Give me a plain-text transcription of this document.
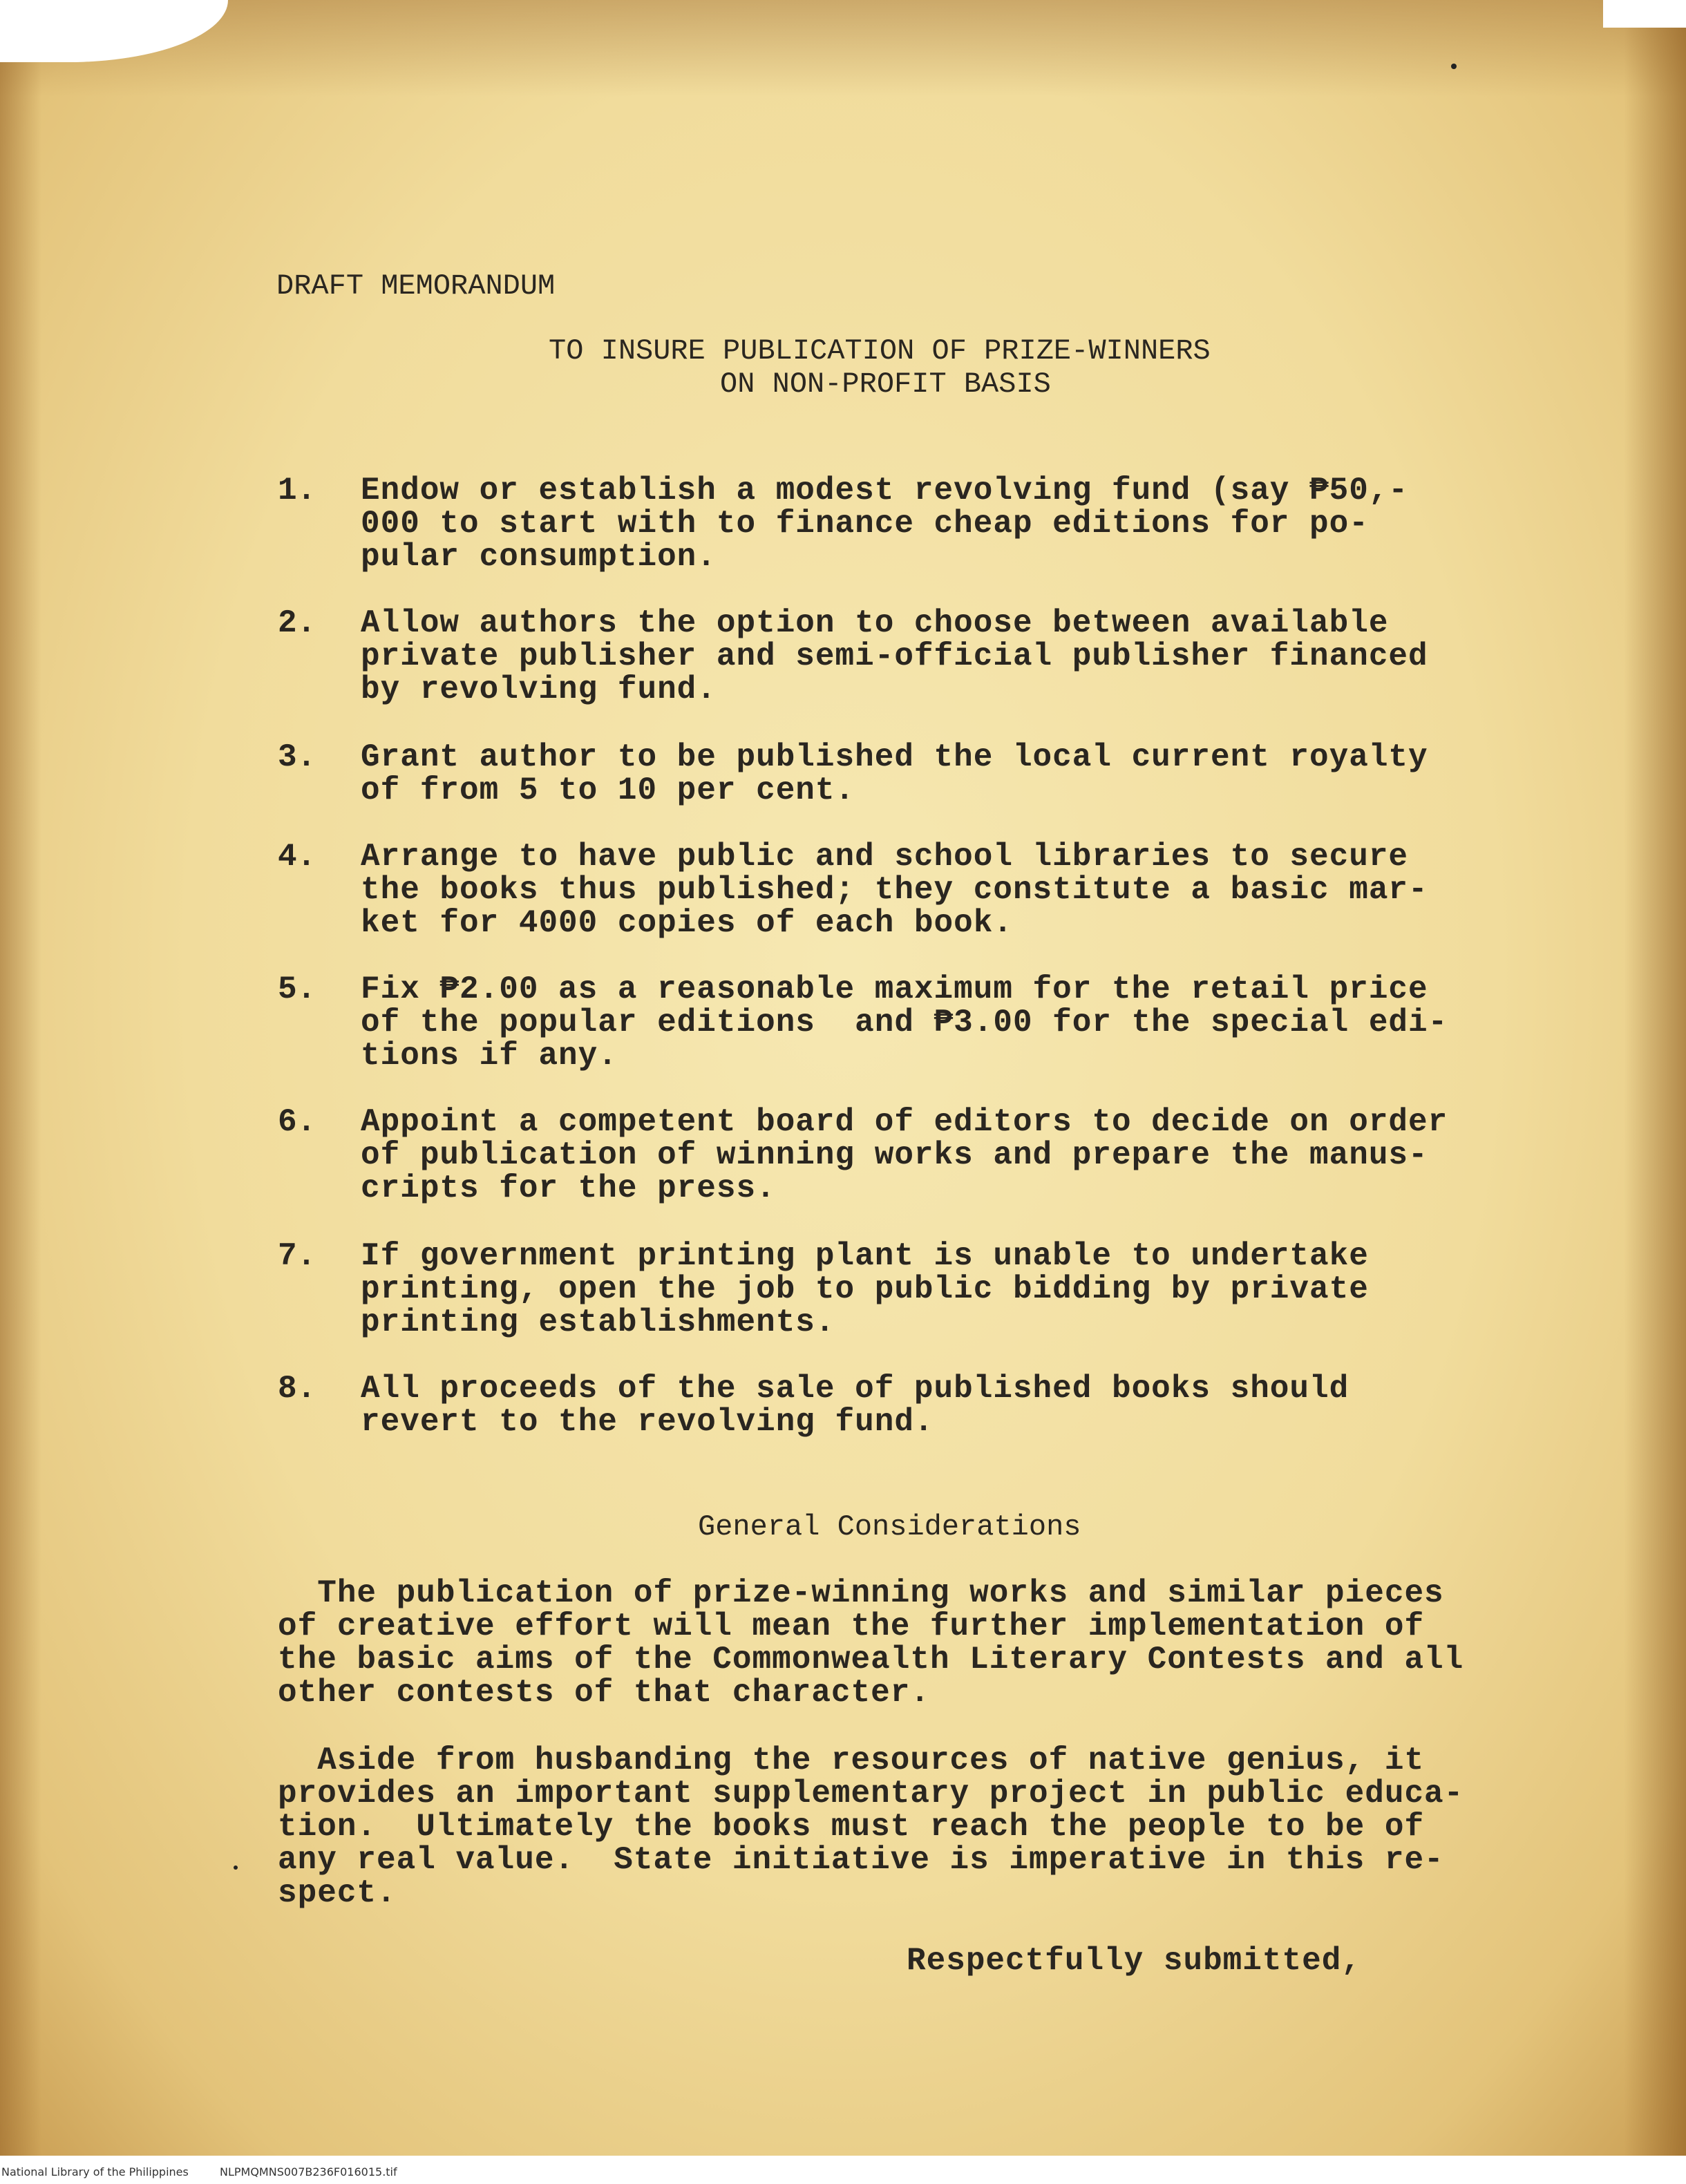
DRAFT MEMORANDUM
TO INSURE PUBLICATION OF PRIZE-WINNERS
ON NON-PROFIT BASIS
1. Endow or establish a modest revolving fund (say ₱50,-
000 to start with to finance cheap editions for po-
pular consumption.
2. Allow authors the option to choose between available
private publisher and semi-official publisher financed
by revolving fund.
3. Grant author to be published the local current royalty
of from 5 to 10 per cent.
4. Arrange to have public and school libraries to secure
the books thus published; they constitute a basic mar-
ket for 4000 copies of each book.
5. Fix ₱2.00 as a reasonable maximum for the retail price
of the popular editions  and ₱3.00 for the special edi-
tions if any.
6. Appoint a competent board of editors to decide on order
of publication of winning works and prepare the manus-
cripts for the press.
7. If government printing plant is unable to undertake
printing, open the job to public bidding by private
printing establishments.
8. All proceeds of the sale of published books should
revert to the revolving fund.
General Considerations
The publication of prize-winning works and similar pieces
of creative effort will mean the further implementation of
the basic aims of the Commonwealth Literary Contests and all
other contests of that character.
Aside from husbanding the resources of native genius, it
provides an important supplementary project in public educa-
tion.  Ultimately the books must reach the people to be of
any real value.  State initiative is imperative in this re-
spect.
Respectfully submitted,
National Library of the Philippines	NLPMQMNS007B236F016015.tif
